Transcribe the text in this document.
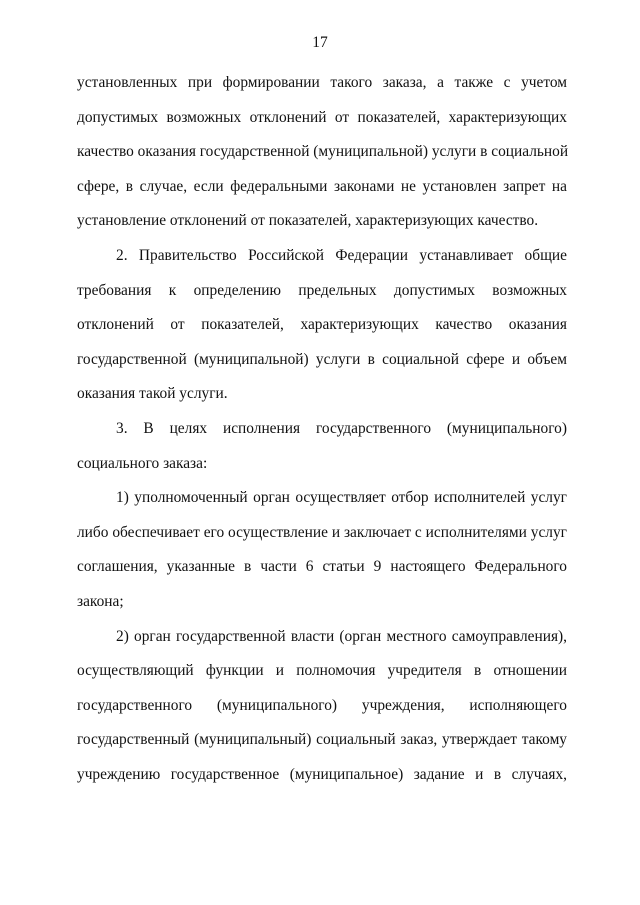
17

установленных при формировании такого заказа, а также с учетом
допустимых возможных отклонений от показателей, характеризующих
качество оказания государственной (муниципальной) услуги в социальной
сфере, в случае, если федеральными законами не установлен запрет на
установление отклонений от показателей, характеризующих качество.

2. Правительство Российской Федерации устанавливает общие
требования к определению предельных допустимых возможных
отклонений от показателей, характеризующих качество оказания
государственной (муниципальной) услуги в социальной сфере и объем
оказания такой услуги.

3. В целях исполнения государственного (муниципального)
социального заказа:

1) уполномоченный орган осуществляет отбор исполнителей услуг
либо обеспечивает его осуществление и заключает с исполнителями услуг
соглашения, указанные в части 6 статьи 9 настоящего Федерального
закона;

2) орган государственной власти (орган местного самоуправления),
осуществляющий функции и полномочия учредителя в отношении
государственного (муниципального) учреждения, исполняющего
государственный (муниципальный) социальный заказ, утверждает такому
учреждению государственное (муниципальное) задание и в случаях,
